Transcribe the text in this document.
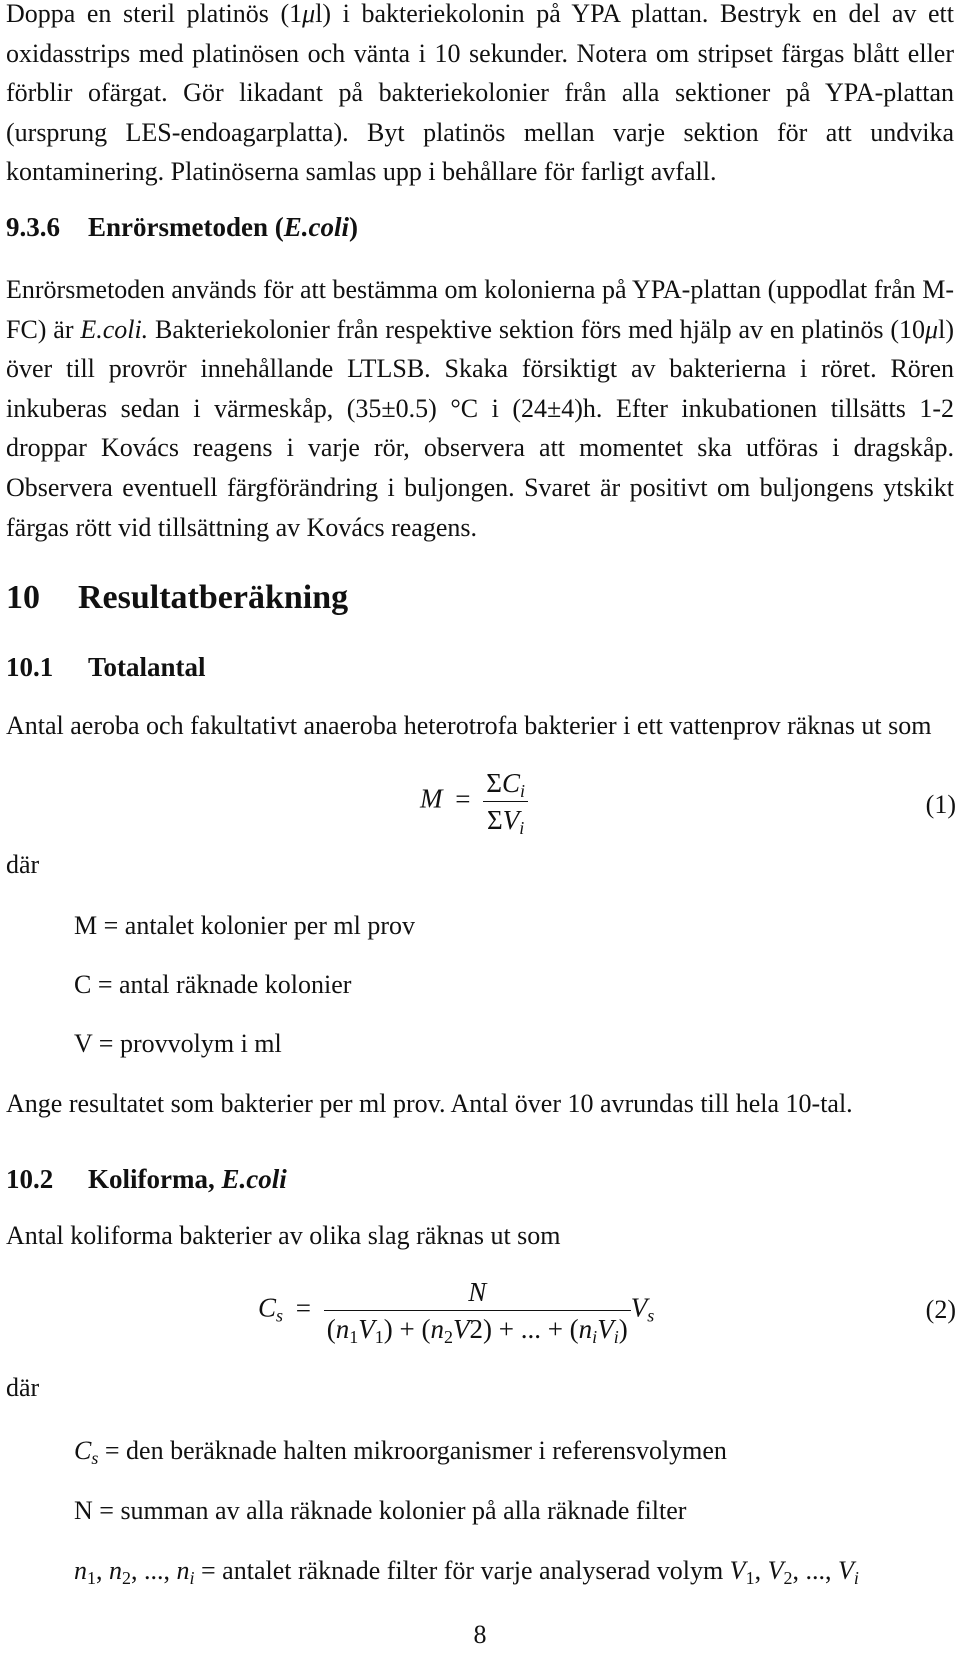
Doppa en steril platinös (1μl) i bakteriekolonin på YPA plattan. Bestryk en del av ett oxidasstrips med platinösen och vänta i 10 sekunder. Notera om stripset färgas blått eller förblir ofärgat. Gör likadant på bakteriekolonier från alla sektioner på YPA-plattan (ursprung LES-endoagarplatta). Byt platinös mellan varje sektion för att undvika kontaminering. Platinöserna samlas upp i behållare för farligt avfall.

9.3.6 Enrörsmetoden (E.coli)

Enrörsmetoden används för att bestämma om kolonierna på YPA-plattan (uppodlat från M-FC) är E.coli. Bakteriekolonier från respektive sektion förs med hjälp av en platinös (10μl) över till provrör innehållande LTLSB. Skaka försiktigt av bakterierna i röret. Rören inkuberas sedan i värmeskåp, (35±0.5) °C i (24±4)h. Efter inkubationen tillsätts 1-2 droppar Kovács reagens i varje rör, observera att momentet ska utföras i dragskåp. Observera eventuell färgförändring i buljongen. Svaret är positivt om buljongens ytskikt färgas rött vid tillsättning av Kovács reagens.

10 Resultatberäkning
10.1 Totalantal

Antal aeroba och fakultativt anaeroba heterotrofa bakterier i ett vattenprov räknas ut som

$M = \frac{\Sigma C_i}{\Sigma V_i}$	(1)
där
M = antalet kolonier per ml prov
C = antal räknade kolonier
V = provvolym i ml
Ange resultatet som bakterier per ml prov. Antal över 10 avrundas till hela 10-tal.
10.2 Koliforma, E.coli
Antal koliforma bakterier av olika slag räknas ut som
$C_s = \frac{N}{(n_1V_1) + (n_2V2) + ... + (n_iV_i)} V_s$	(2)
där
$C_s$ = den beräknade halten mikroorganismer i referensvolymen
N = summan av alla räknade kolonier på alla räknade filter
$n_1$, $n_2$, ..., $n_i$ = antalet räknade filter för varje analyserad volym $V_1$, $V_2$, ..., $V_i$
8
